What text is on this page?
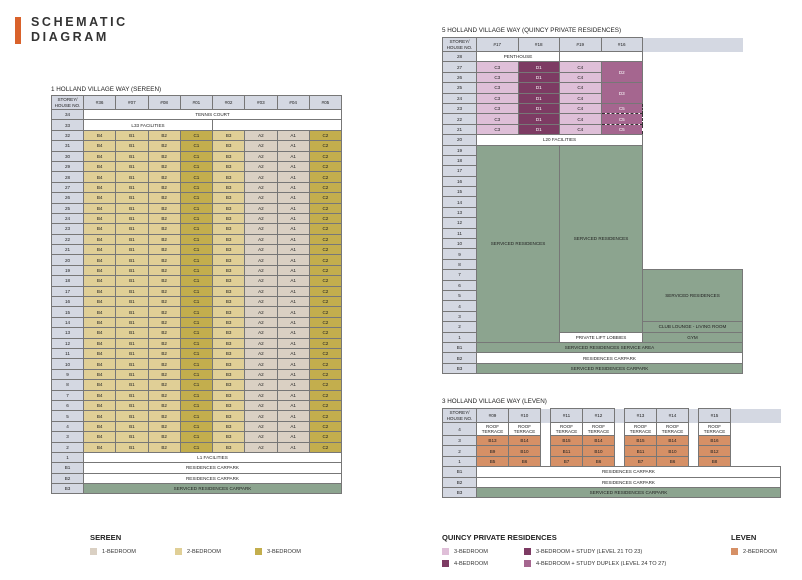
SCHEMATIC
DIAGRAM
1 HOLLAND VILLAGE WAY (SEREEN)
STOREY/ HOUSE NO.	#36	#07	#08	#01	#02	#03	#04	#05
34	TENNIS COURT							
33	L33 FACILITIES							
32	B4	B1	B2	C1	B3	A2	A1	C2
31	B4	B1	B2	C1	B3	A2	A1	C2
30	B4	B1	B2	C1	B3	A2	A1	C2
29	B4	B1	B2	C1	B3	A2	A1	C2
28	B4	B1	B2	C1	B3	A2	A1	C2
27	B4	B1	B2	C1	B3	A2	A1	C2
26	B4	B1	B2	C1	B3	A2	A1	C2
25	B4	B1	B2	C1	B3	A2	A1	C2
24	B4	B1	B2	C1	B3	A2	A1	C2
23	B4	B1	B2	C1	B3	A2	A1	C2
22	B4	B1	B2	C1	B3	A2	A1	C2
21	B4	B1	B2	C1	B3	A2	A1	C2
20	B4	B1	B2	C1	B3	A2	A1	C2
19	B4	B1	B2	C1	B3	A2	A1	C2
18	B4	B1	B2	C1	B3	A2	A1	C2
17	B4	B1	B2	C1	B3	A2	A1	C2
16	B4	B1	B2	C1	B3	A2	A1	C2
15	B4	B1	B2	C1	B3	A2	A1	C2
14	B4	B1	B2	C1	B3	A2	A1	C2
13	B4	B1	B2	C1	B3	A2	A1	C2
12	B4	B1	B2	C1	B3	A2	A1	C2
11	B4	B1	B2	C1	B3	A2	A1	C2
10	B4	B1	B2	C1	B3	A2	A1	C2
9	B4	B1	B2	C1	B3	A2	A1	C2
8	B4	B1	B2	C1	B3	A2	A1	C2
7	B4	B1	B2	C1	B3	A2	A1	C2
6	B4	B1	B2	C1	B3	A2	A1	C2
5	B4	B1	B2	C1	B3	A2	A1	C2
4	B4	B1	B2	C1	B3	A2	A1	C2
3	B4	B1	B2	C1	B3	A2	A1	C2
2	B4	B1	B2	C1	B3	A2	A1	C2
1	L1 FACILITIES							
B1	RESIDENCES CARPARK							
B2	RESIDENCES CARPARK							
B3	SERVICED RESIDENCES CARPARK							
5 HOLLAND VILLAGE WAY (QUINCY PRIVATE RESIDENCES)
STOREY/ HOUSE NO.	#17	#18	#19	#16	
28	PENTHOUSE				
27	C3	D1	C4	D2	
26	C3	D1	C4		
25	C3	D1	C4	D3	
24	C3	D1	C4		
23	C3	D1	C4	C5	
22	C3	D1	C4	C5	
21	C3	D1	C4	C5	
20	L20 FACILITIES				
19	SERVICED RESIDENCES		SERVICED RESIDENCES		
18					
17					
16					
15					
14					
13					
12					
11					
10					
9					
8					
7					SERVICED RESIDENCES
6					
5					
4					
3					
2					CLUB LOUNGE - LIVING ROOM
1			PRIVATE LIFT LOBBIES		GYM
B1	SERVICED RESIDENCES SERVICE AREA				
B2	RESIDENCES CARPARK				
B3	SERVICED RESIDENCES CARPARK				
3 HOLLAND VILLAGE WAY (LEVEN)
STOREY/ HOUSE NO.	#09	#10		#11	#12		#13	#14		#15	
4	ROOF TERRACE	ROOF TERRACE		ROOF TERRACE	ROOF TERRACE		ROOF TERRACE	ROOF TERRACE		ROOF TERRACE	
3	B13	B14		B15	B14		B15	B14		B16	
2	B9	B10		B11	B10		B11	B10		B12	
1	B5	B6		B7	B6		B7	B6		B8	
B1	RESIDENCES CARPARK										
B2	RESIDENCES CARPARK										
B3	SERVICED RESIDENCES CARPARK										
SEREEN
1-BEDROOM	2-BEDROOM	3-BEDROOM
QUINCY PRIVATE RESIDENCES
3-BEDROOM	3-BEDROOM + STUDY (LEVEL 21 TO 23)
4-BEDROOM	4-BEDROOM + STUDY DUPLEX (LEVEL 24 TO 27)
LEVEN
2-BEDROOM
